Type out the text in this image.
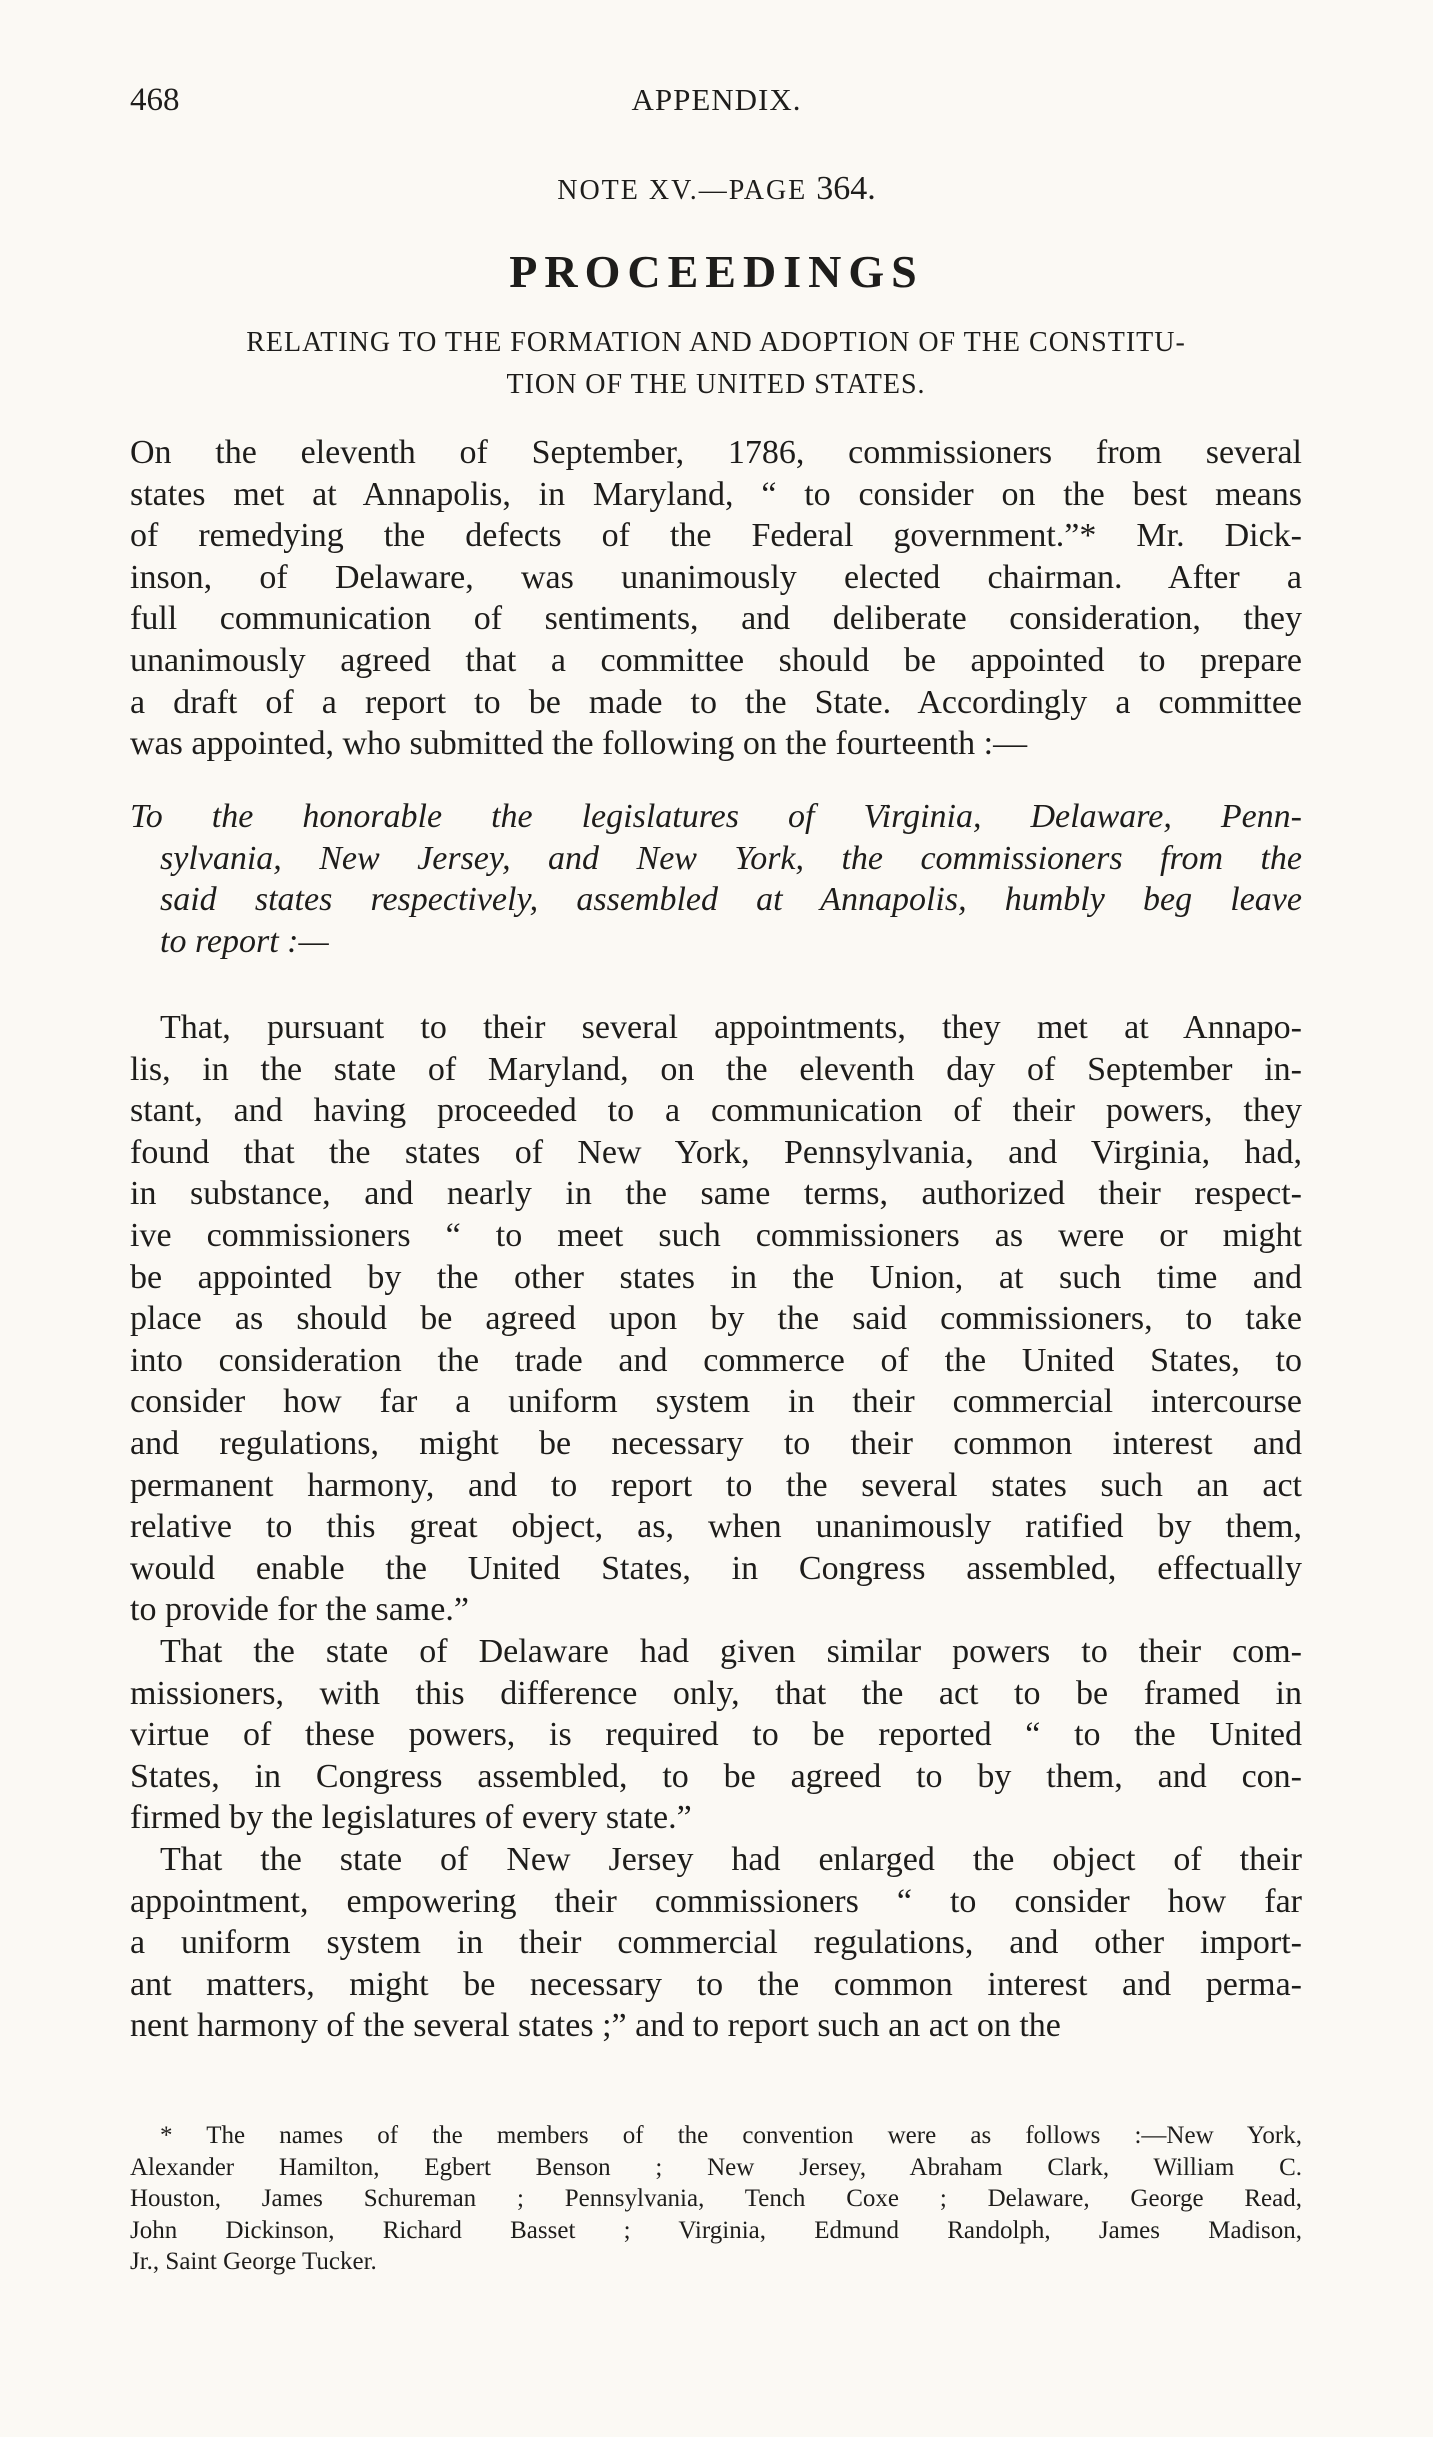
468	APPENDIX.
NOTE XV.—PAGE 364.
PROCEEDINGS
RELATING TO THE FORMATION AND ADOPTION OF THE CONSTITU-
TION OF THE UNITED STATES.
On the eleventh of September, 1786, commissioners from several
states met at Annapolis, in Maryland, “ to consider on the best means
of remedying the defects of the Federal government.”* Mr. Dick-
inson, of Delaware, was unanimously elected chairman. After a
full communication of sentiments, and deliberate consideration, they
unanimously agreed that a committee should be appointed to prepare
a draft of a report to be made to the State. Accordingly a committee
was appointed, who submitted the following on the fourteenth :—
To the honorable the legislatures of Virginia, Delaware, Penn-
sylvania, New Jersey, and New York, the commissioners from the
said states respectively, assembled at Annapolis, humbly beg leave
to report :—
That, pursuant to their several appointments, they met at Annapo-
lis, in the state of Maryland, on the eleventh day of September in-
stant, and having proceeded to a communication of their powers, they
found that the states of New York, Pennsylvania, and Virginia, had,
in substance, and nearly in the same terms, authorized their respect-
ive commissioners “ to meet such commissioners as were or might
be appointed by the other states in the Union, at such time and
place as should be agreed upon by the said commissioners, to take
into consideration the trade and commerce of the United States, to
consider how far a uniform system in their commercial intercourse
and regulations, might be necessary to their common interest and
permanent harmony, and to report to the several states such an act
relative to this great object, as, when unanimously ratified by them,
would enable the United States, in Congress assembled, effectually
to provide for the same.”
That the state of Delaware had given similar powers to their com-
missioners, with this difference only, that the act to be framed in
virtue of these powers, is required to be reported “ to the United
States, in Congress assembled, to be agreed to by them, and con-
firmed by the legislatures of every state.”
That the state of New Jersey had enlarged the object of their
appointment, empowering their commissioners “ to consider how far
a uniform system in their commercial regulations, and other import-
ant matters, might be necessary to the common interest and perma-
nent harmony of the several states ;” and to report such an act on the
* The names of the members of the convention were as follows :—New York,
Alexander Hamilton, Egbert Benson ; New Jersey, Abraham Clark, William C.
Houston, James Schureman ; Pennsylvania, Tench Coxe ; Delaware, George Read,
John Dickinson, Richard Basset ; Virginia, Edmund Randolph, James Madison,
Jr., Saint George Tucker.
